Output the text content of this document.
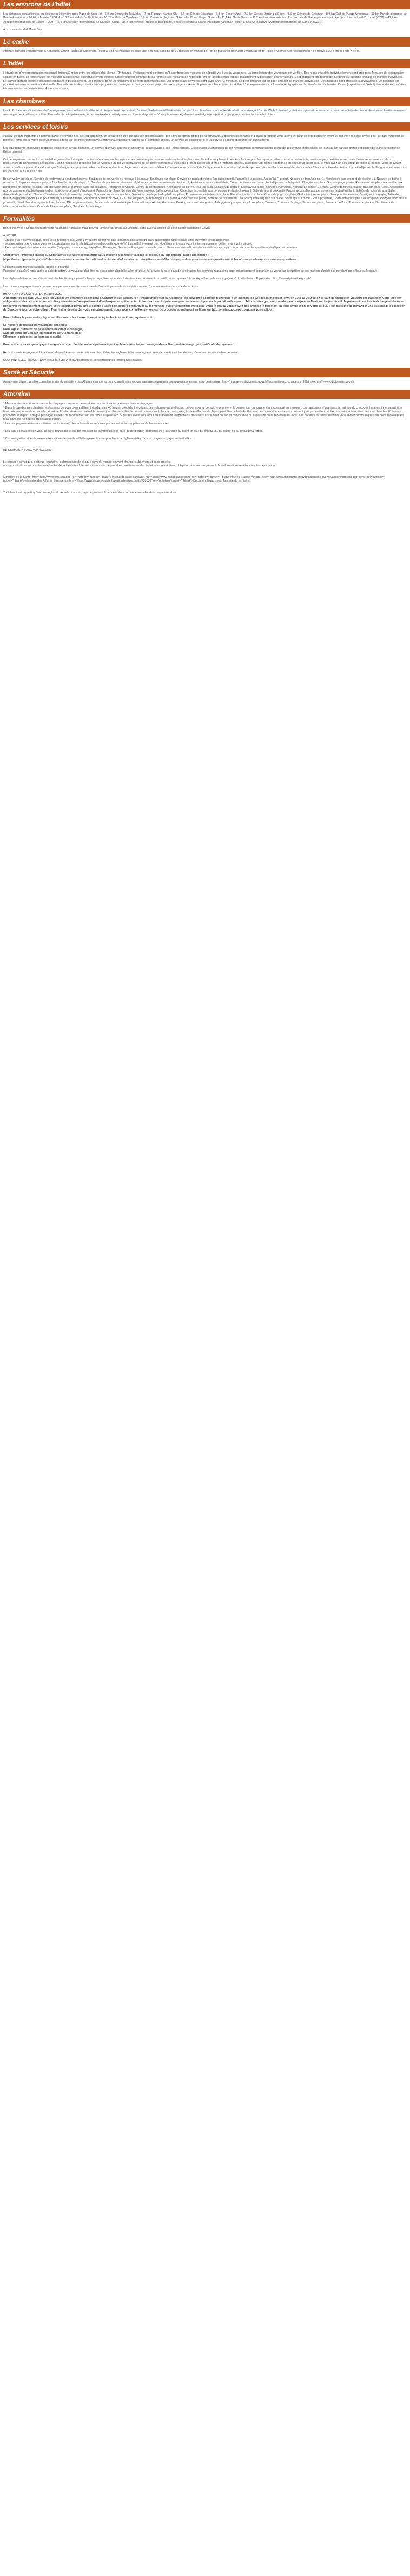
Les environs de l'hôtel

Les distances sont affichées au dixième de kilomètre près Plage de Kptu Hd – 6,9 km Cénote du Taj Mahal – 7 km Ecopark Kantun Chi – 7,6 km Cénote Cristalino – 7,8 km Cenote Azul – 7,9 km Cenote Jardin del Eden – 8,5 km Cénote de Chikinhe – 8,9 km Golf de Puerto Aventuras – 10 km Port de plaisance de Puerto Aventuras – 10,6 km Musée CEDAM – 10,7 km Hekab Be Bibliotéca – 10,7 km Baie de Xpu-Ha – 10,9 km Centre écologique d'Akumal – 11 km Plage d'Akumal – 11,1 km Oasis Beach – 11,2 km Les aéroports les plus proches de l'hébergement sont : Aéroport international Cozumel (CZM) – 48,2 km Aéroport international de Tulum (TQO) – 75,9 km Aéroport international de Cancun (CUN) – 85,7 km Aéroport proche la plus pratique pour se rendre à Grand Palladium Kantenah Resort & Spa All Inclusive : Aéroport international de Cancun (CUN).

À proximité de Half Moon Bay

Le cadre

Profitant d'un bel emplacement à Kantenah, Grand Palladium Kantenah Resort & Spa All Inclusive se situe face à la mer, à moins de 10 minutes en voiture de Port de plaisance de Puerto Aventuras et de Plage d'Akumal. Cet hébergement 4 se trouve à 20,3 km de Parc Xel-Há.

L'hôtel

Hôte/gérant d'hébergement professionnel. Interval& prévu entre les séjours des clients – 24 heures. L'hébergement confirme qu'il a renforcé ses mesures de sécurité vis-à-vis du voyageurs. La température des voyageurs est vérifiée. Des repas emballés individuellement sont proposés. Mesures de distanciation sociale en place. La température est mesurée au personnel est régulièrement vérifiée. L'hébergement confirme qu'il a renforcé ses mesures de nettoyage. Du gel antibactérien est mis gratuitement à disposition des voyageurs. L'hébergement est désinfecté. Le dîner est proposé emballé de manière individuelle. Le service d'étage propose des repas emballés individuellement. Le personnel porte un équipement de protection individuelle. Les draps et les serviettes sont lavés à 60 °C minimum. Le petit-déjeuner est proposé emballé de manière individuelle. Des masques sont proposés aux voyageurs. Le déjeuner est proposé emballé de manière individuelle. Des vêtements de protection sont proposés aux voyageurs. Des gants sont proposés aux voyageurs. Aucun lit pliant supplémentaire disponible. L'hébergement est conforme aux dispositions de désinfection de Intertek Cristal (expert tiers – Global). Les surfaces touchées fréquemment sont désinfectées. Aucun ascenseur

Les chambres

Les 212 chambres climatisées de l'hébergement vous invitent à la détente et comprennent une station d'accueil iPod et une télévision à écran plat. Les chambres sont dotées d'un balcon aménagé. L'accès Wi-Fi à Internet gratuit vous permet de rester en contact avec le reste du monde et votre divertissement est assuré par des chaînes par câble. Une salle de bain privée avec un ensemble douche/baignoire est à votre disposition. Vous y trouverez également une baignoire à jets et un peignoirs de douche à « effet pluie ».

Les services et loisirs

Passez de purs moments de détente dans l'incroyable spa de l'hébergement, un centre bien-être qui propose des massages, des soins corporels et des soins du visage. 6 piscines extérieures et 5 bains à remous vous attendent pour un petit plongeon avant de rejoindre la plage privée pour de purs moments de détente. Parmi les services et équipements offerts par cet hébergement vous trouverez également l'accès Wi-Fi à Internet gratuit, un service de conciergerie et un service de garde d'enfants (en supplément).

Les équipements et services proposés incluent un centre d'affaires, un service d'arrivée express et un service de nettoyage à sec / blanchisserie. Les espaces événements de cet hébergement comprennent un centre de conférence et des salles de réunion. Un parking gratuit est disponible dans l'enceinte de l'hébergement.

Cet hébergement tout inclus est un hébergement tout compris. Les tarifs comprennent les repas et les boissons pris dans les restaurants et les bars sur place. Un supplément peut être facturé pour les repas pris dans certains restaurants, ainsi que pour certains repas, plats, boissons et services. Vous découvrirez de nombreuses spécialités Cuisine mexicaine proposée par La Adelita, l'un des 24 restaurants de cet hébergement tout inclus qui profitez du service d'étage (horaires limités). Idéal pour une soirée couronnée en amoureux ou en solo. Si vous avez un petit creux pendant la journée, vous trouverez aussi un café sur place. Étant donné que l'hébergement propose un bar / salon et un bar à la plage, vous pouvez vous détendre devant un verre autant de fois que vous le souhaitez. N'hésitez pas non plus à aller vous rafraîchir dans un des 2 bars en milieu de piscine. Un petit-déjeuner buffet gratuit est servi tous les jours de 07 h 00 à 11 h 00.

Beach-volley sur place, Service de nettoyage à sec/blanchisserie, Boutiques de souvenirs ou kiosque à journaux, Boutiques sur place, Service de garde d'enfants (en supplément), Parasols à la piscine, Accès Wi-Fi gratuit, Nombre de bars/salons : 1, Nombre de bars en bord de piscine : 1, Nombre de bains à remous : 5, Espaces fumeurs prévus, Nombre de bars de plage : 3, Nombre de piscines extérieures : 6, Nombre de bars en milieu de piscine : 2, Assistance pour visites/billets, Cours de fitness sur place, Petit-déjeuner buffet gratuit, Plongée sur place, Sur une plage privée, Restaurant sur place accessible aux personnes en fauteuil roulant, Petit-déjeuner gratuit, Rampes dans les escaliers, Personnel polyglotte, Centre de conférences, Animations en soirée, Tour les jours, Location de kiosk et Segway sur place, Bain turc /hammam, Nombre de cafés : 1, Livres, Centre de fitness, Basket-ball sur place, Jeux, Accessible aux personnes en fauteuil roulant (des restrictions peuvent s'appliquer), Parasols de plage, Service d'arrivée express, Salles de réunion, Réception accessible aux personnes en fauteuil roulant, Salle de jeux à proximité, Piscine accessible aux personnes en fauteuil roulant, Salle(s) de soins du spa, Salle d'arcade/de jeux vidéo, Saunas, Serviettes de cérémonie de mariage, Spa avec services complets, Serviettes de plage, Volley-ball sur place, Promenades en bateau sur place, Planche à voile sur place, Cours de yoga sur place, Golf miniature sur place, Jeux pour les enfants, Consigne à bagages, Table de billard, Bagagiste/groom, Club pour enfants, Centre d'affaires, Réception ouverte 24 h/24, TV à l'arc sur place, Maître-nageur sur place, Arc de bain sur place, Nombre de restaurants : 14, Racquetball/squash sur place, Soins spa sur place, Golf à proximité, Coffre-fort (consigne à la réception, Plongée avec tuba à proximité, Snack-bar et/ou épicerie fine, Saunas, Pêche pique-niques, Sentiers de randonnée à pied ou à vélo à proximité, Hammam, Parking sans voiturier gratuit, Toboggan aquatique, Kayak sur place, Terrasse, Transats de plage, Tennis sur place, Salon de coiffure, Transats de piscine, Distributeur de billets/services bancaires, Cours de Pilates sur place, Services de concierge

Formalités
Bonne nouvelle : Complet fera de votre nationalité française, vous pouvez voyager librement au Mexique, sans avoir à justifier de certificat de vaccination Covid.
A NOTER
- En cas d'un vol avec escale, nous vous informons que vous devrez être conforme aux formalités sanitaires du pays où se trouve votre escale ainsi que votre destination finale.
- Les modalités pour chaque pays sont consultables sur le site https://www.diplomatie.gouv.fr/fr/. L'actualité évoluant très régulièrement, nous vous invitons à consulter ce lien avant votre départ.
- Pour tout départ d'un aéroport frontalier (Belgique, Luxembourg, Pays-Bas, Allemagne, Suisse ou Espagne...), veuillez vous référer aux sites officiels des ministères des pays concernés pour les conditions de départ et de retour.
Concernant l'éventuel impact du Coronavirus sur votre séjour, nous vous invitons à consulter la page ci-dessous du site officiel France Diplomatie :
https://www.diplomatie.gouv.fr/fr/le-ministere-et-son-reseau/actualites-du-ministere/informations-coronavirus-covid-19/coronavirus-les-reponses-a-vos-questions/article/coronavirus-les-reponses-a-vos-questions
Ressortissants français (adultes, bébés et enfants) :
Passeport valable 6 mois après la date de retour. Le voyageur doit être en possession d'un billet aller et retour. À l'arrivée dans le pays de destination, les services migratoires pourront notamment demander au voyageur de justifier de ses moyens d'existence pendant son séjour au Mexique.
Les règles relatives au franchissement des frontières propres à chaque pays étant amenées à évoluer, il est vivement conseillé de se reporter à la rubrique "conseils aux voyageurs" du site France Diplomatie, https://www.diplomatie.gouv.fr/.
Les mineurs voyageant seuls ou avec une personne ne disposant pas de l'autorité parentale doivent être munis d'une autorisation de sortie de territoire.
IMPORTANT A COMPTER DU 01 avril 2021
A compter du 1er avril 2022, tous les voyageurs étrangers se rendant à Cancun et aux alentours à l'intérieur de l'état du Quintana Roo devront s'acquitter d'une taxe d'un montant de 224 pesos mexicain (environ 10 à 11 USD selon le taux de change en vigueur) par passager. Cette taxe est obligatoire et devra impérativement être présentée à l'aéroport avant d'embarquer et quitter le territoire mexicain. Le paiement peut se faire en ligne sur le portail web suivant : http://visitax.gob.mx/; pendant votre séjour au Mexique. Le justificatif de paiement doit être téléchargé et devra se conserver minutieusement pendant votre séjour. Il devra être présenté à l'aéroport avant d'embarquer au moment de quitter le territoire mexicain. Dans le cas où vous n'avez pas anticipé le paiement en ligne avant la fin de votre séjour, il est possible de demander une assistance à l'aéroport de Cancun le jour de votre départ. Pour éviter de retarder votre embarquement, nous vous conseillons vivement de procéder au paiement en ligne sur http://visitax.gob.mx/ ; pendant votre séjour.
Pour réaliser le paiement en ligne, veuillez suivre les instructions et indiquer les informations requises, soit :
Le nombre de passagers voyageant ensemble
Nom, âge et numéros de passeports de chaque passager,
Date de sortie de Cancun (du territoire de Quintana Roo),
Effectuer le paiement en ligne en sécurité
Pour les personnes qui voyagent en groupe ou en famille, un seul paiement peut se faire mais chaque passager devra être muni de son propre justificatif de paiement.
Ressortissants étrangers et binationaux devront être en conformité avec les différentes réglementations en vigueur, selon leur nationalité et devront s'informer auprès de leur consulat.
COURANT ELECTRIQUE : 127V et 60HZ. Type A et B. Adaptateur et convertisseur de tension nécessaires.
Santé et Sécurité

Avant votre départ, veuillez consulter le site du ministère des Affaires étrangères pour connaître les risques sanitaires éventuels qui peuvent concerner votre destination : href="http://www.diplomatie.gouv.fr/fr/conseils-aux-voyageurs_909/index.html">www.diplomatie.gouv.fr

Attention
* Mesures de sécurité aérienne sur les bagages : mesures de restriction sur les liquides contenus dans les bagages.
* Dans le cas des vols charters, les horaires de vous ci-sont déterminés dans les 48 heures précédant le départ. Les vols peuvent s'effectuer de jour comme de nuit, le premier et le dernier jour du voyage étant consacré au transport. L'organisateur n'ayant pas la maîtrise du choix des horaires, il ne saurait être tenu pour responsable en cas de départ tardif et/ou de retour matinal le dernier jour. En particulier, le départ pouvant avoir lieu tard en soirée, la date effective de départ peut être celle du lendemain. Les horaires vous seront communiqués par mail ou par fax, sur votre convocation aéroport dans les 48 heures précédant le départ. Chaque passager est tenu de reconfirmer son vol retour au plus tard 72 heures avant son retour au numéro de téléphone se trouvant sur son billet ou sur sa convocation ou auprès de notre représentant local. Les horaires de retour définitifs vous seront communiqués par notre représentant local dans les 48 heures précédant le retour.
* Les compagnies aériennes utilisées ont toutes reçu les autorisations requises par les autorités compétentes de l'aviation civile.
* Les frais obligatoires de visa, de carte touristique et en général les frais d'entrée dans le pays de destination sont toujours à la charge du client en plus du prix du vol, du séjour ou du circuit déjà réglés.
* Chronologiation et le classement touristique des modes d'hébergement correspondent à la réglementation ou aux usages du pays de destination.
INFORMATIONS AUX VOYAGEURS :
La situation climatique, politique, sanitaire, réglementaire de chaque pays du monde pouvant changer subitement et sans préavis,
nous vous invitons à consulter avant votre départ les sites Internet suivants afin de prendre connaissance des éventuelles restrictions, obligations ou tout simplement des informations relatives à votre destination.
Ministère de la Santé, href="http://www.invs.sante.fr" rel="nofollow" target="_blank">Institut de veille sanitaire, href="http://www.meteofrance.com" rel="nofollow" target="_blank">Météo France Voyage, href="http://www.diplomatie.gouv.fr/fr/conseils-aux-voyageurs/conseils-par-pays/" rel="nofollow" target="_blank">Ministère des Affaires Étrangères, href="https://www.service-public.fr/particuliers/vosdroits/F32033" rel="nofollow" target="_blank">Document légaux pour la sortie du territoire.
Toutefois il est rappelé qu'aucune région du monde ni aucun pays ne peuvent être considérés comme étant à l'abri du risque terroriste.
